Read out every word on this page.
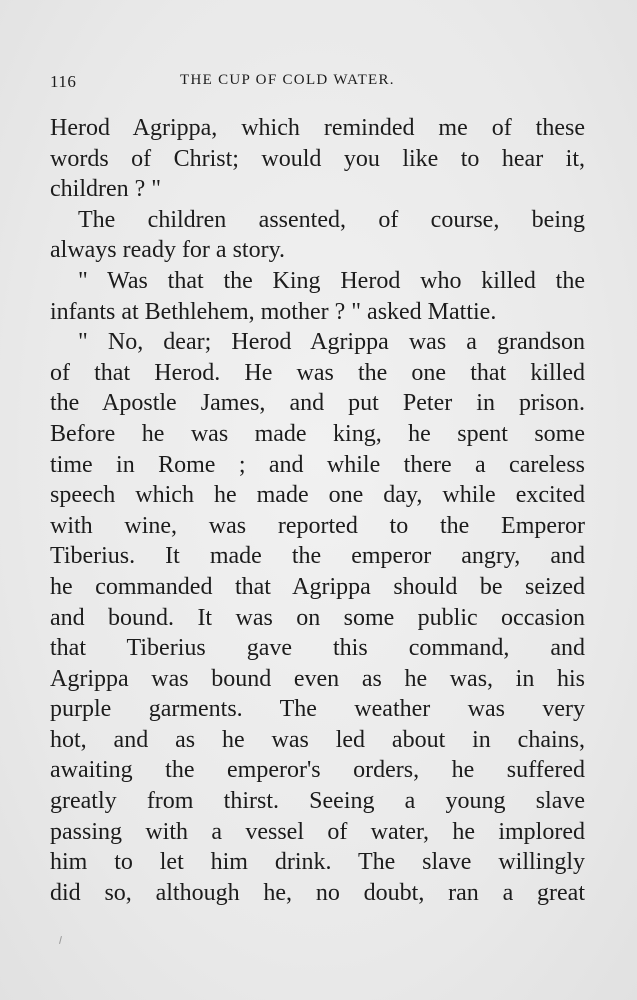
116	THE CUP OF COLD WATER.
Herod Agrippa, which reminded me of these
words of Christ; would you like to hear it,
children ? "
The children assented, of course, being
always ready for a story.
" Was that the King Herod who killed the
infants at Bethlehem, mother ? " asked Mattie.
" No, dear; Herod Agrippa was a grandson
of that Herod. He was the one that killed
the Apostle James, and put Peter in prison.
Before he was made king, he spent some
time in Rome ; and while there a careless
speech which he made one day, while excited
with wine, was reported to the Emperor
Tiberius. It made the emperor angry, and
he commanded that Agrippa should be seized
and bound. It was on some public occasion
that Tiberius gave this command, and
Agrippa was bound even as he was, in his
purple garments. The weather was very
hot, and as he was led about in chains,
awaiting the emperor's orders, he suffered
greatly from thirst. Seeing a young slave
passing with a vessel of water, he implored
him to let him drink. The slave willingly
did so, although he, no doubt, ran a great
